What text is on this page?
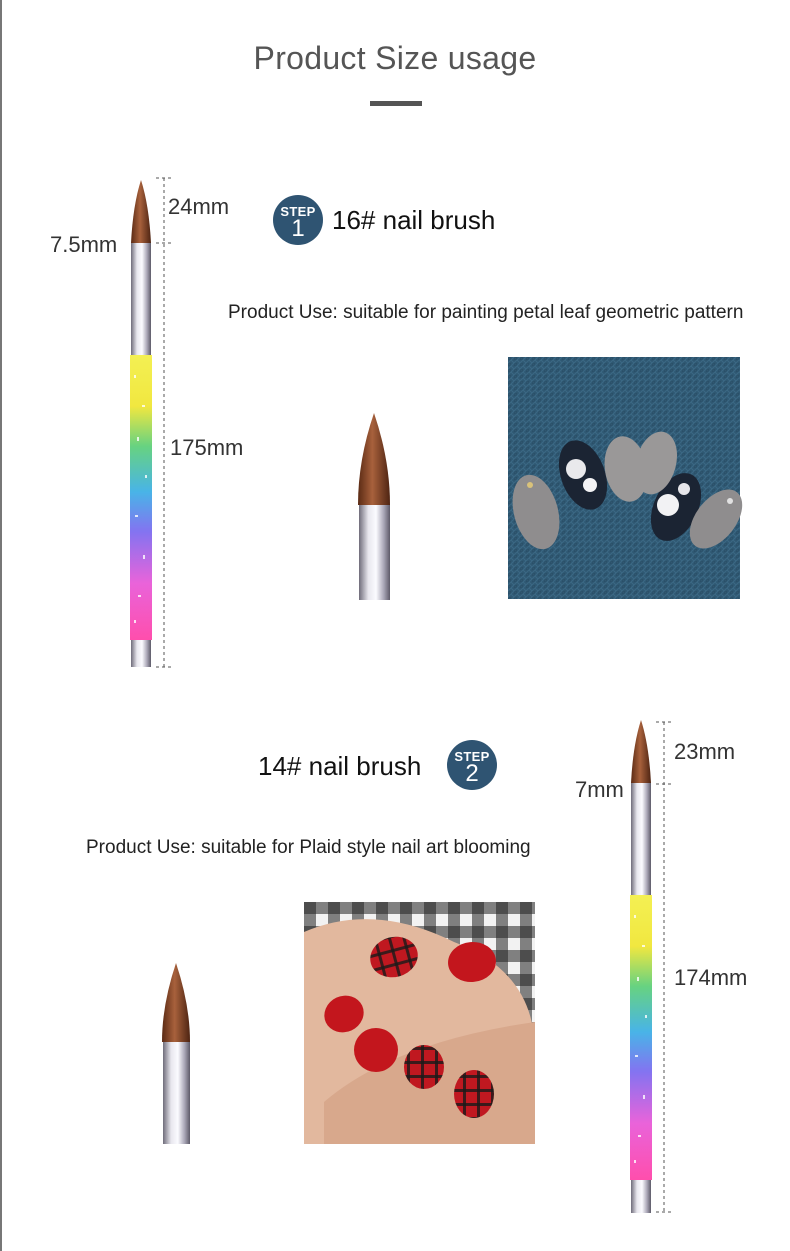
Product Size usage
24mm
7.5mm
175mm
STEP
1	16# nail brush
Product Use: suitable for painting petal leaf geometric pattern
14# nail brush	STEP
2
Product Use: suitable for Plaid style nail art blooming
23mm
7mm
174mm
